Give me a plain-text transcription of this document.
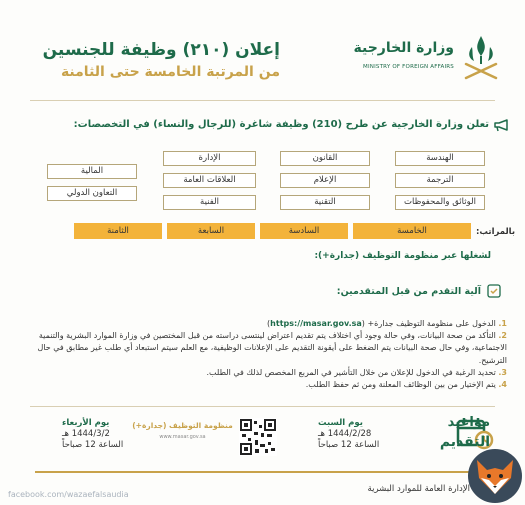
وزارة الخارجية
MINISTRY OF FOREIGN AFFAIRS
إعلان (٢١٠) وظيفة للجنسين
من المرتبة الخامسة حتى الثامنة
تعلن وزارة الخارجية عن طرح (210) وظيفة شاغرة (للرجال والنساء) في التخصصات:
الهندسة
الترجمة
الوثائق والمحفوظات
القانون
الإعلام
التقنية
الإدارة
العلاقات العامة
الفنية
المالية
التعاون الدولي
بالمراتب:
الخامسة
السادسة
السابعة
الثامنة
لشغلها عبر منظومة التوظيف (جدارة+):
آلية التقدم من قبل المتقدمين:
1. الدخول على منظومة التوظيف جدارة+ (https://masar.gov.sa)
2. التأكد من صحة البيانات، وفي حالة وجود أي اختلاف يتم تقديم اعتراض لينتسى دراسته من قبل المختصين في وزارة الموارد البشرية والتنمية الاجتماعية، وفي حال صحة البيانات يتم الضغط على أيقونة التقديم على الإعلانات الوظيفية، مع العلم سيتم استبعاد أي طلب غير مطابق في حال الترشيح.
3. تحديد الرغبة في الدخول للإعلان من خلال التأشير في المربع المخصص لذلك في الطلب.
4. يتم الإختيار من بين الوظائف المعلنة ومن ثم حفظ الطلب.
مواعيد
التقديم
يوم السبت
1444/2/28 هـ
الساعة 12 صباحاً
منظومة التوظيف (جدارة+)
www.masar.gov.sa
يوم الأربعاء
1444/3/2 هـ
الساعة 12 صباحاً
الإدارة العامة للموارد البشرية
facebook.com/wazaefalsaudia
